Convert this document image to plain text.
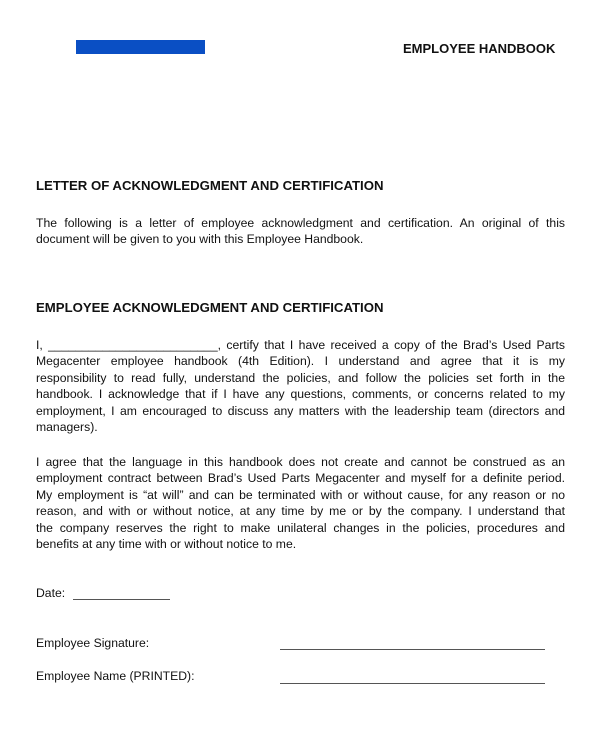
EMPLOYEE HANDBOOK
LETTER OF ACKNOWLEDGMENT AND CERTIFICATION
The following is a letter of employee acknowledgment and certification. An original of this
document will be given to you with this Employee Handbook.
EMPLOYEE ACKNOWLEDGMENT AND CERTIFICATION
I, _________________________, certify that I have received a copy of the Brad’s Used Parts
Megacenter employee handbook (4th Edition). I understand and agree that it is my
responsibility to read fully, understand the policies, and follow the policies set forth in the
handbook. I acknowledge that if I have any questions, comments, or concerns related to my
employment, I am encouraged to discuss any matters with the leadership team (directors and
managers).
I agree that the language in this handbook does not create and cannot be construed as an
employment contract between Brad’s Used Parts Megacenter and myself for a definite period.
My employment is “at will” and can be terminated with or without cause, for any reason or no
reason, and with or without notice, at any time by me or by the company. I understand that
the company reserves the right to make unilateral changes in the policies, procedures and
benefits at any time with or without notice to me.
Date:
Employee Signature:
Employee Name (PRINTED):
